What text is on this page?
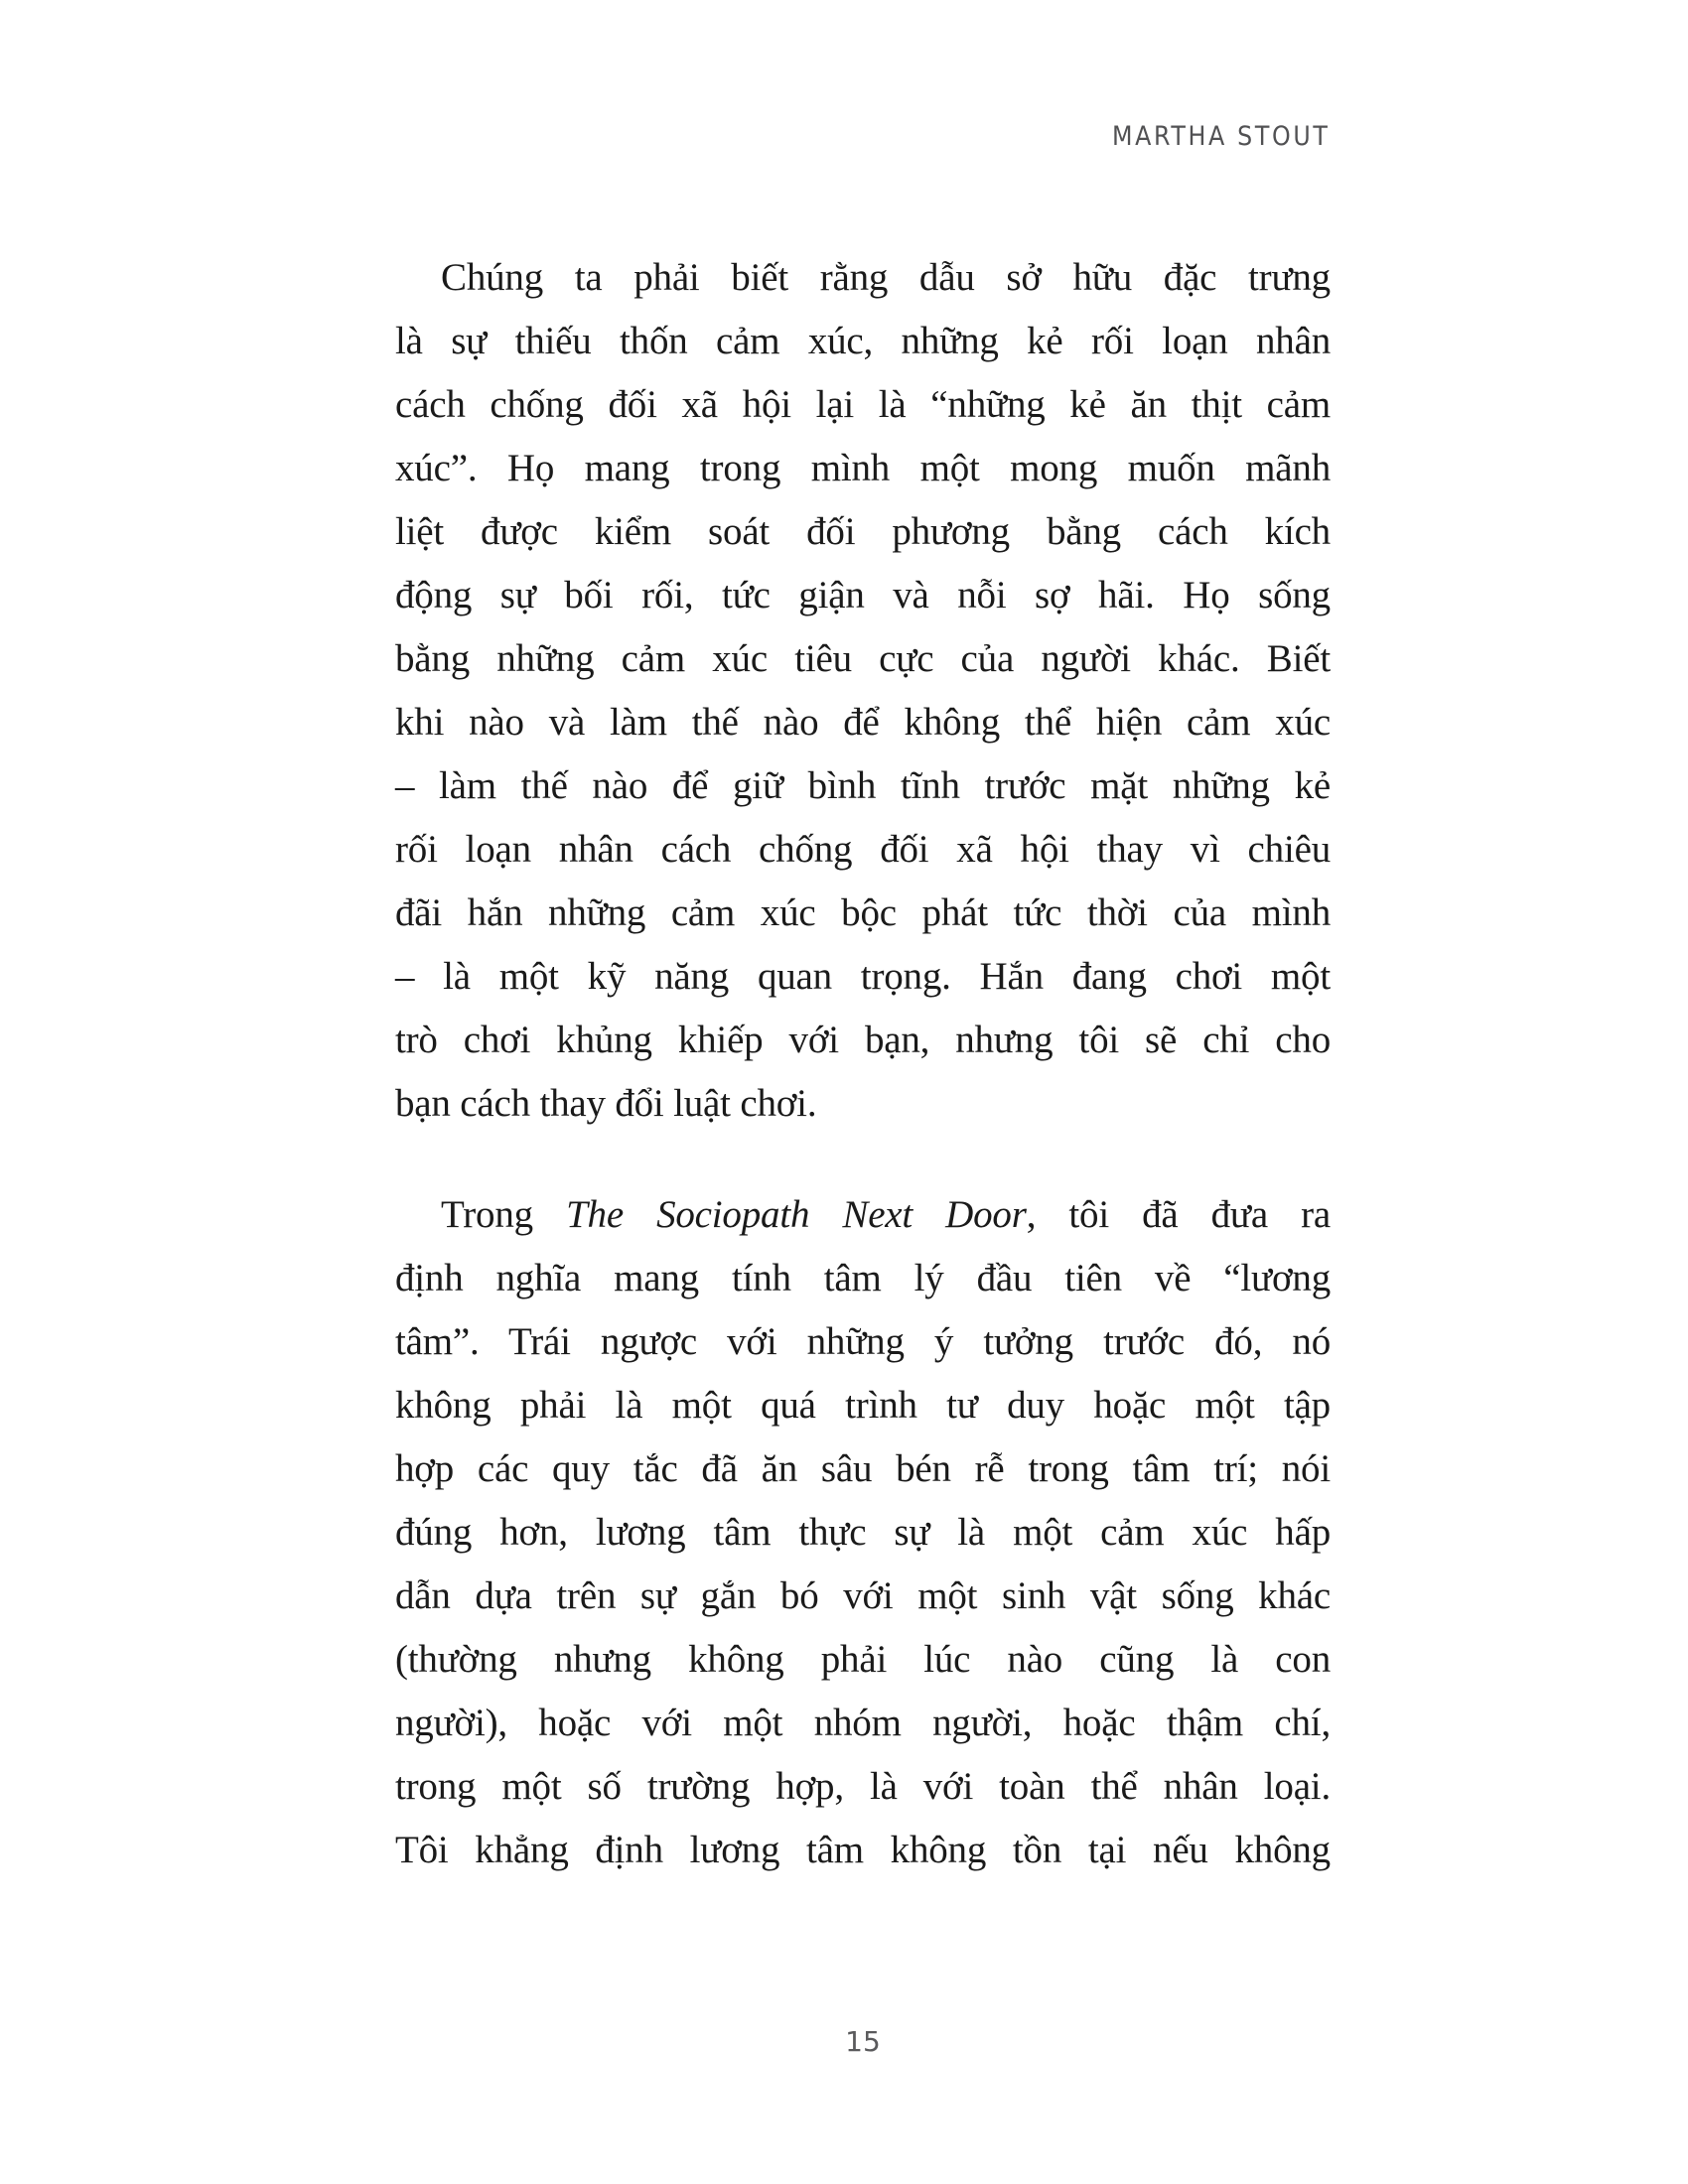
MARTHA STOUT
Chúng ta phải biết rằng dẫu sở hữu đặc trưng
là sự thiếu thốn cảm xúc, những kẻ rối loạn nhân
cách chống đối xã hội lại là “những kẻ ăn thịt cảm
xúc”. Họ mang trong mình một mong muốn mãnh
liệt được kiểm soát đối phương bằng cách kích
động sự bối rối, tức giận và nỗi sợ hãi. Họ sống
bằng những cảm xúc tiêu cực của người khác. Biết
khi nào và làm thế nào để không thể hiện cảm xúc
– làm thế nào để giữ bình tĩnh trước mặt những kẻ
rối loạn nhân cách chống đối xã hội thay vì chiêu
đãi hắn những cảm xúc bộc phát tức thời của mình
– là một kỹ năng quan trọng. Hắn đang chơi một
trò chơi khủng khiếp với bạn, nhưng tôi sẽ chỉ cho
bạn cách thay đổi luật chơi.
Trong The Sociopath Next Door, tôi đã đưa ra
định nghĩa mang tính tâm lý đầu tiên về “lương
tâm”. Trái ngược với những ý tưởng trước đó, nó
không phải là một quá trình tư duy hoặc một tập
hợp các quy tắc đã ăn sâu bén rễ trong tâm trí; nói
đúng hơn, lương tâm thực sự là một cảm xúc hấp
dẫn dựa trên sự gắn bó với một sinh vật sống khác
(thường nhưng không phải lúc nào cũng là con
người), hoặc với một nhóm người, hoặc thậm chí,
trong một số trường hợp, là với toàn thể nhân loại.
Tôi khẳng định lương tâm không tồn tại nếu không
15
